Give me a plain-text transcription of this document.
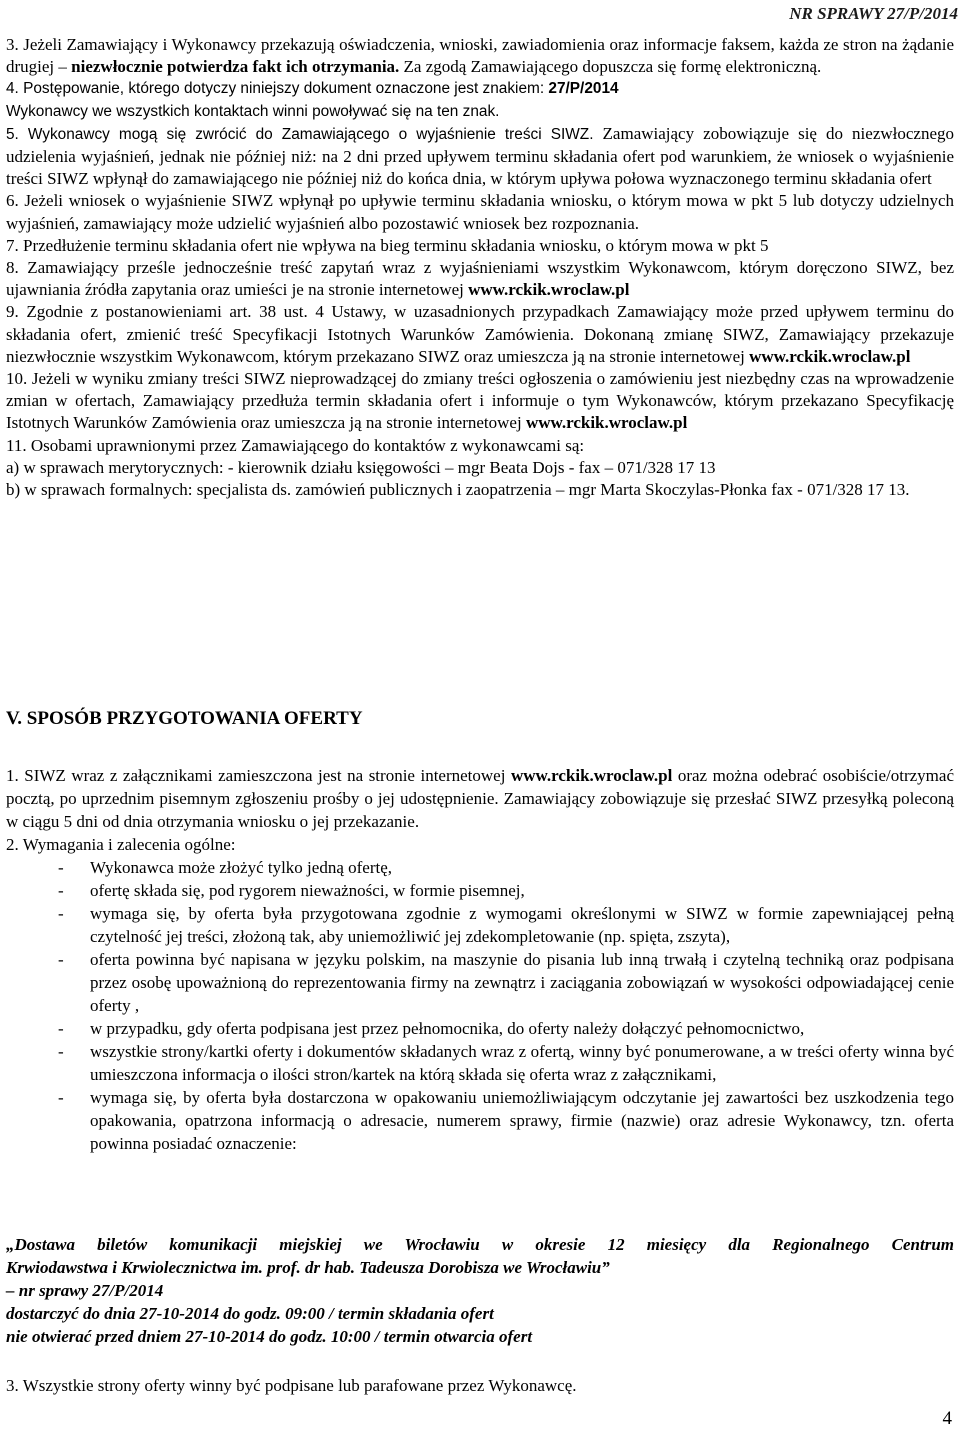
NR SPRAWY 27/P/2014

3. Jeżeli Zamawiający i Wykonawcy przekazują oświadczenia, wnioski, zawiadomienia oraz informacje faksem, każda ze stron na żądanie drugiej – niezwłocznie potwierdza fakt ich otrzymania. Za zgodą Zamawiającego dopuszcza się formę elektroniczną.

4. Postępowanie, którego dotyczy niniejszy dokument oznaczone jest znakiem: 27/P/2014

Wykonawcy we wszystkich kontaktach winni powoływać się na ten znak.

5. Wykonawcy mogą się zwrócić do Zamawiającego o wyjaśnienie treści SIWZ. Zamawiający zobowiązuje się do niezwłocznego udzielenia wyjaśnień, jednak nie później niż: na 2 dni przed upływem terminu składania ofert pod warunkiem, że wniosek o wyjaśnienie treści SIWZ wpłynął do zamawiającego nie później niż do końca dnia, w którym upływa połowa wyznaczonego terminu składania ofert

6. Jeżeli wniosek o wyjaśnienie SIWZ wpłynął po upływie terminu składania wniosku, o którym mowa w pkt 5 lub dotyczy udzielnych wyjaśnień, zamawiający może udzielić wyjaśnień albo pozostawić wniosek bez rozpoznania.

7. Przedłużenie terminu składania ofert nie wpływa na bieg terminu składania wniosku, o którym mowa w pkt 5

8. Zamawiający prześle jednocześnie treść zapytań wraz z wyjaśnieniami wszystkim Wykonawcom, którym doręczono SIWZ, bez ujawniania źródła zapytania oraz umieści je na stronie internetowej www.rckik.wroclaw.pl

9. Zgodnie z postanowieniami art. 38 ust. 4 Ustawy, w uzasadnionych przypadkach Zamawiający może przed upływem terminu do składania ofert, zmienić treść Specyfikacji Istotnych Warunków Zamówienia. Dokonaną zmianę SIWZ, Zamawiający przekazuje niezwłocznie wszystkim Wykonawcom, którym przekazano SIWZ oraz umieszcza ją na stronie internetowej www.rckik.wroclaw.pl

10. Jeżeli w wyniku zmiany treści SIWZ nieprowadzącej do zmiany treści ogłoszenia o zamówieniu jest niezbędny czas na wprowadzenie zmian w ofertach, Zamawiający przedłuża termin składania ofert i informuje o tym Wykonawców, którym przekazano Specyfikację Istotnych Warunków Zamówienia oraz umieszcza ją na stronie internetowej www.rckik.wroclaw.pl

11. Osobami uprawnionymi przez Zamawiającego do kontaktów z wykonawcami są:

a) w sprawach merytorycznych: - kierownik działu księgowości – mgr Beata Dojs - fax – 071/328 17 13

b) w sprawach formalnych: specjalista ds. zamówień publicznych i zaopatrzenia – mgr Marta Skoczylas-Płonka fax - 071/328 17 13.

V. SPOSÓB PRZYGOTOWANIA OFERTY

1. SIWZ wraz z załącznikami zamieszczona jest na stronie internetowej www.rckik.wroclaw.pl oraz można odebrać osobiście/otrzymać pocztą, po uprzednim pisemnym zgłoszeniu prośby o jej udostępnienie. Zamawiający zobowiązuje się przesłać SIWZ przesyłką poleconą w ciągu 5 dni od dnia otrzymania wniosku o jej przekazanie.

2. Wymagania i zalecenia ogólne:

- Wykonawca może złożyć tylko jedną ofertę,
- ofertę składa się, pod rygorem nieważności, w formie pisemnej,
- wymaga się, by oferta była przygotowana zgodnie z wymogami określonymi w SIWZ w formie zapewniającej pełną czytelność jej treści, złożoną tak, aby uniemożliwić jej zdekompletowanie (np. spięta, zszyta),
- oferta powinna być napisana w języku polskim, na maszynie do pisania lub inną trwałą i czytelną techniką oraz podpisana przez osobę upoważnioną do reprezentowania firmy na zewnątrz i zaciągania zobowiązań w wysokości odpowiadającej cenie oferty ,
- w przypadku, gdy oferta podpisana jest przez pełnomocnika, do oferty należy dołączyć pełnomocnictwo,
- wszystkie strony/kartki oferty i dokumentów składanych wraz z ofertą, winny być ponumerowane, a w treści oferty winna być umieszczona informacja o ilości stron/kartek na którą składa się oferta wraz z załącznikami,
- wymaga się, by oferta była dostarczona w opakowaniu uniemożliwiającym odczytanie jej zawartości bez uszkodzenia tego opakowania, opatrzona informacją o adresacie, numerem sprawy, firmie (nazwie) oraz adresie Wykonawcy, tzn. oferta powinna posiadać oznaczenie:

„Dostawa biletów komunikacji miejskiej we Wrocławiu w okresie 12 miesięcy dla Regionalnego Centrum

Krwiodawstwa i Krwiolecznictwa im. prof. dr hab. Tadeusza Dorobisza we Wrocławiu”

– nr sprawy 27/P/2014

dostarczyć do dnia 27-10-2014 do godz. 09:00 / termin składania ofert

nie otwierać przed dniem 27-10-2014 do godz. 10:00 / termin otwarcia ofert

3. Wszystkie strony oferty winny być podpisane lub parafowane przez Wykonawcę.
4
